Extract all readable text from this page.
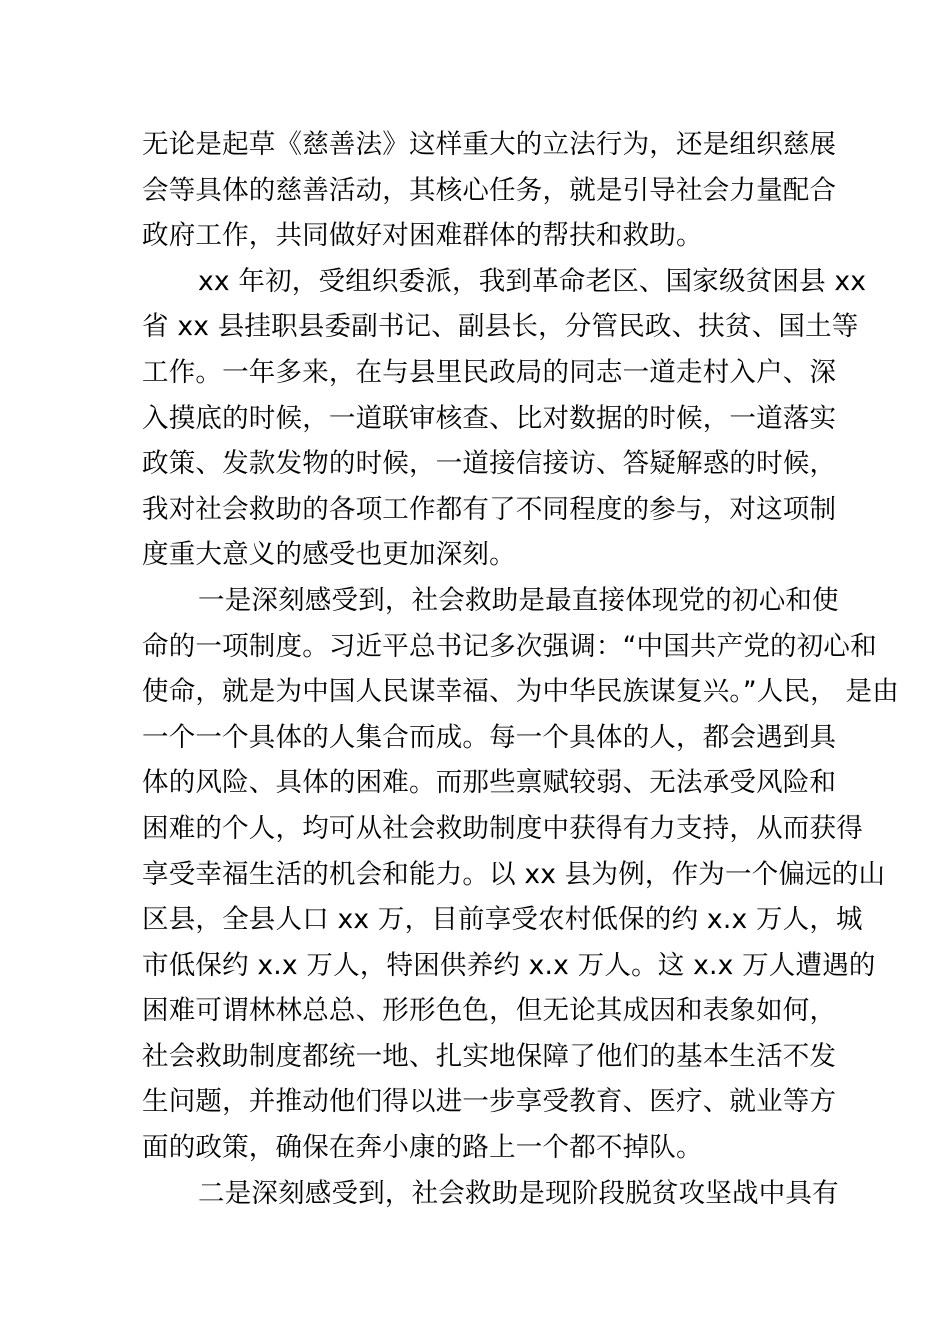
无论是起草《慈善法》这样重大的立法行为，还是组织慈展
会等具体的慈善活动，其核心任务，就是引导社会力量配合
政府工作，共同做好对困难群体的帮扶和救助。
xx 年初，受组织委派，我到革命老区、国家级贫困县 xx
省 xx 县挂职县委副书记、副县长，分管民政、扶贫、国土等
工作。一年多来，在与县里民政局的同志一道走村入户、深
入摸底的时候，一道联审核查、比对数据的时候，一道落实
政策、发款发物的时候，一道接信接访、答疑解惑的时候，
我对社会救助的各项工作都有了不同程度的参与，对这项制
度重大意义的感受也更加深刻。
一是深刻感受到，社会救助是最直接体现党的初心和使
命的一项制度。习近平总书记多次强调：“中国共产党的初心和
使命，就是为中国人民谋幸福、为中华民族谋复兴。”人民， 是由
一个一个具体的人集合而成。每一个具体的人，都会遇到具
体的风险、具体的困难。而那些禀赋较弱、无法承受风险和
困难的个人，均可从社会救助制度中获得有力支持，从而获得
享受幸福生活的机会和能力。以 xx 县为例，作为一个偏远的山
区县，全县人口 xx 万，目前享受农村低保的约 x.x 万人，城
市低保约 x.x 万人，特困供养约 x.x 万人。这 x.x 万人遭遇的
困难可谓林林总总、形形色色，但无论其成因和表象如何，
社会救助制度都统一地、扎实地保障了他们的基本生活不发
生问题，并推动他们得以进一步享受教育、医疗、就业等方
面的政策，确保在奔小康的路上一个都不掉队。
二是深刻感受到，社会救助是现阶段脱贫攻坚战中具有
